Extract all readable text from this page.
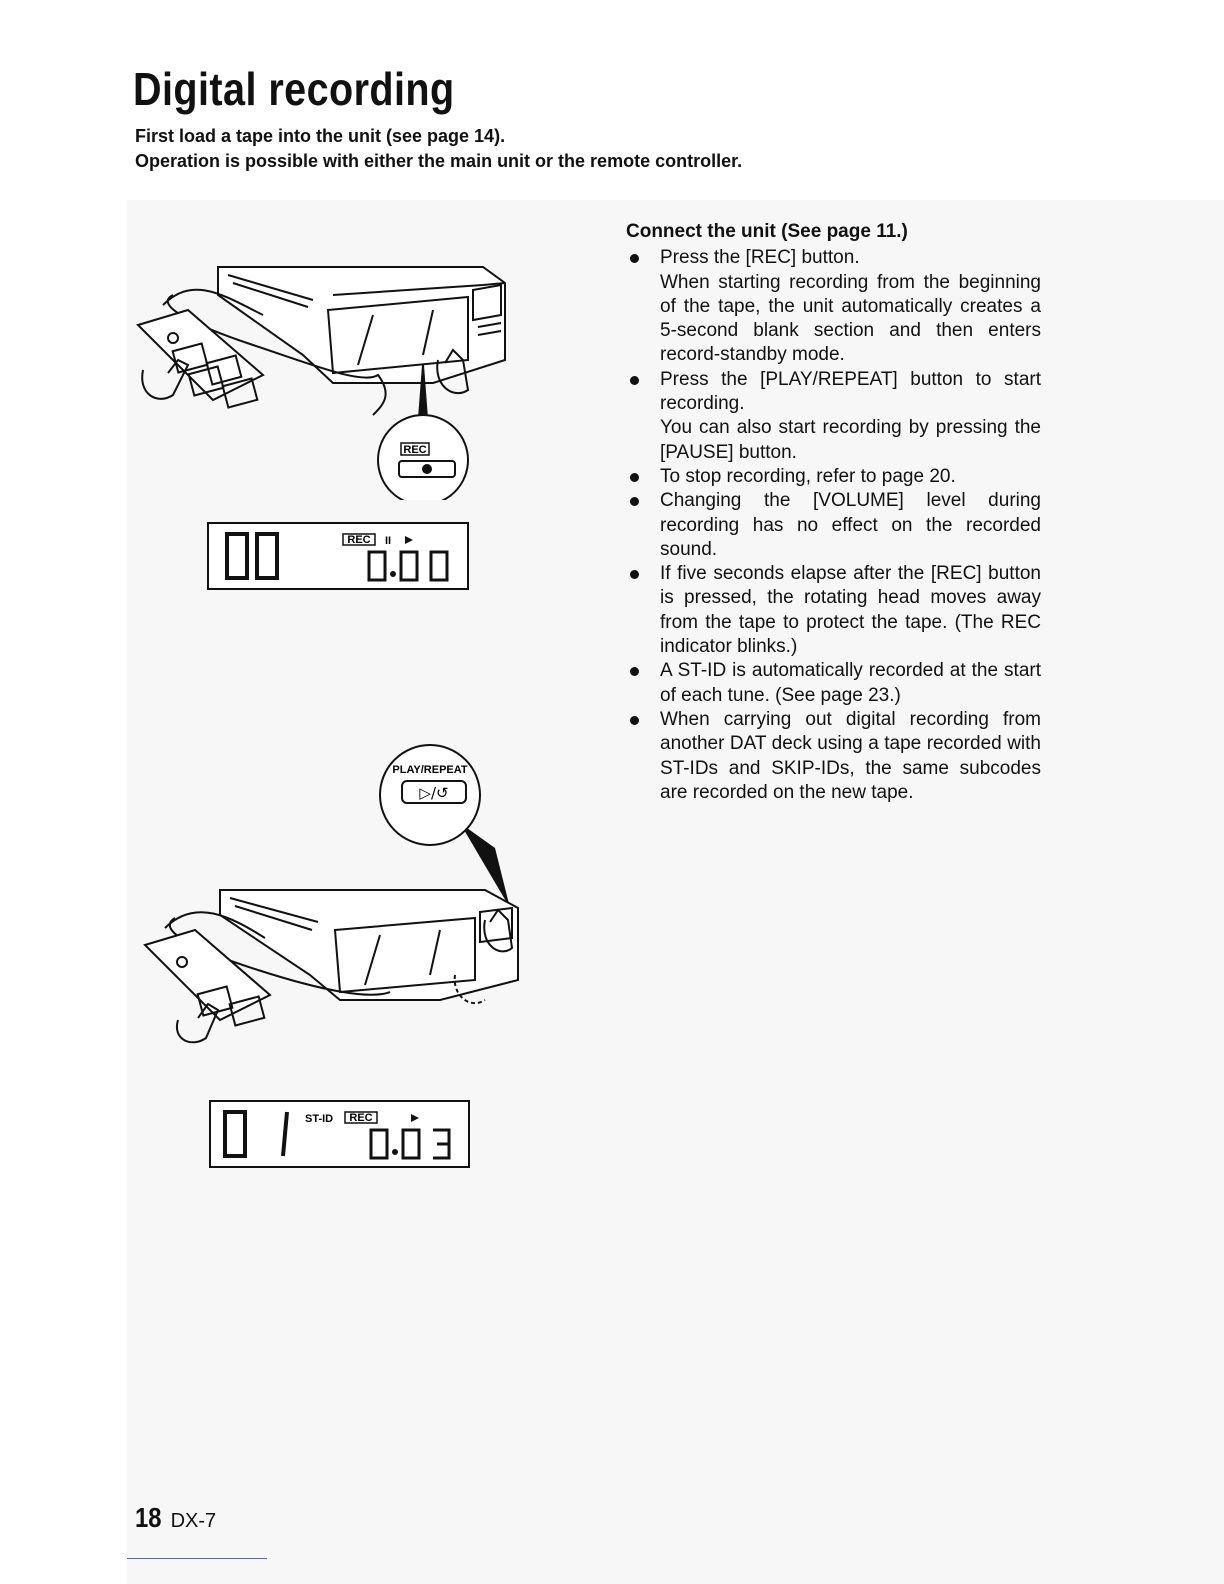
Digital recording
First load a tape into the unit (see page 14).
Operation is possible with either the main unit or the remote controller.
REC
REC II
PLAY/REPEAT
▷/↺
ST-ID REC
Connect the unit (See page 11.)

Press the [REC] button.

When starting recording from the beginning of the tape, the unit automatically creates a 5-second blank section and then enters record-standby mode.

Press the [PLAY/REPEAT] button to start recording.

You can also start recording by pressing the [PAUSE] button.

To stop recording, refer to page 20.

Changing the [VOLUME] level during recording has no effect on the recorded sound.

If five seconds elapse after the [REC] button is pressed, the rotating head moves away from the tape to protect the tape. (The REC indicator blinks.)

A ST-ID is automatically recorded at the start of each tune. (See page 23.)

When carrying out digital recording from another DAT deck using a tape recorded with ST-IDs and SKIP-IDs, the same subcodes are recorded on the new tape.

18 DX-7
